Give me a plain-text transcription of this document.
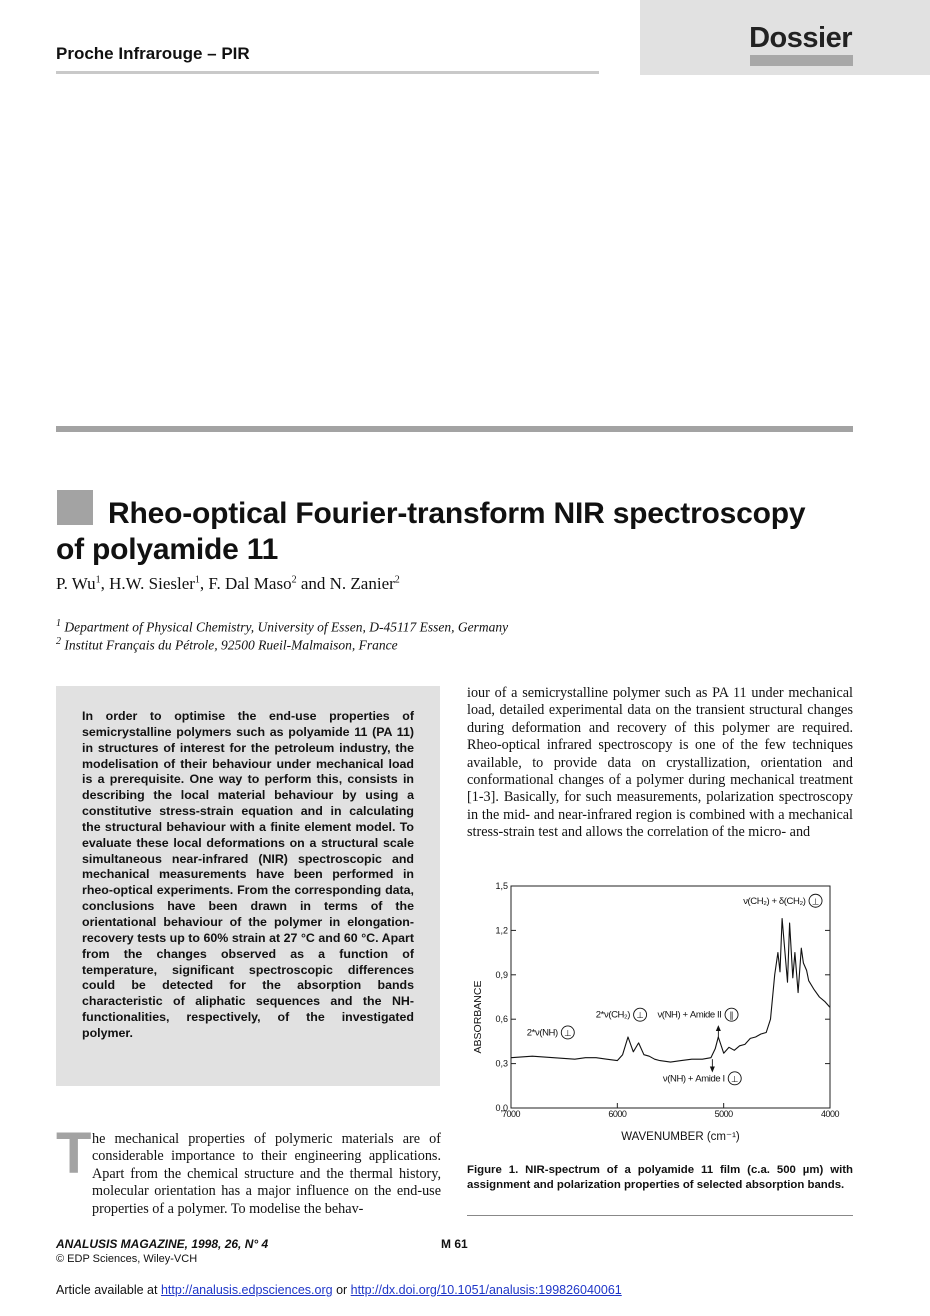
Dossier
Proche Infrarouge – PIR
Rheo-optical Fourier-transform NIR spectroscopy of polyamide 11
P. Wu$^1$, H.W. Siesler$^1$, F. Dal Maso$^2$ and N. Zanier$^2$
$^1$ Department of Physical Chemistry, University of Essen, D-45117 Essen, Germany
$^2$ Institut Français du Pétrole, 92500 Rueil-Malmaison, France
In order to optimise the end-use properties of semicrystalline polymers such as polyamide 11 (PA 11) in structures of interest for the petroleum industry, the modelisation of their behaviour under mechanical load is a prerequisite. One way to perform this, consists in describing the local material behaviour by using a constitutive stress-strain equation and in calculating the structural behaviour with a finite element model. To evaluate these local deformations on a structural scale simultaneous near-infrared (NIR) spectroscopic and mechanical measurements have been performed in rheo-optical experiments. From the corresponding data, conclusions have been drawn in terms of the orientational behaviour of the polymer in elongation-recovery tests up to 60% strain at 27 °C and 60 °C. Apart from the changes observed as a function of temperature, significant spectroscopic differences could be detected for the absorption bands characteristic of aliphatic sequences and the NH-functionalities, respectively, of the investigated polymer.
T he mechanical properties of polymeric materials are of considerable importance to their engineering applications. Apart from the chemical structure and the thermal history, molecular orientation has a major influence on the end-use properties of a polymer. To modelise the behav-
iour of a semicrystalline polymer such as PA 11 under mechanical load, detailed experimental data on the transient structural changes during deformation and recovery of this polymer are required. Rheo-optical infrared spectroscopy is one of the few techniques available, to provide data on crystallization, orientation and conformational changes of a polymer during mechanical treatment [1-3]. Basically, for such measurements, polarization spectroscopy in the mid- and near-infrared region is combined with a mechanical stress-strain test and allows the correlation of the micro- and
0,0
0,3
0,6
0,9
1,2
1,5
7000	6000	5000	4000
WAVENUMBER (cm⁻¹)
ABSORBANCE
ν(CH₂) + δ(CH₂) ⊥
2*ν(CH₂) ⊥ ν(NH) + Amide II ∥
2*ν(NH) ⊥
ν(NH) + Amide I ⊥
Figure 1. NIR-spectrum of a polyamide 11 film (c.a. 500 µm) with assignment and polarization properties of selected absorption bands.
ANALUSIS MAGAZINE, 1998, 26, N° 4
© EDP Sciences, Wiley-VCH
M 61
Article available at http://analusis.edpsciences.org or http://dx.doi.org/10.1051/analusis:199826040061
